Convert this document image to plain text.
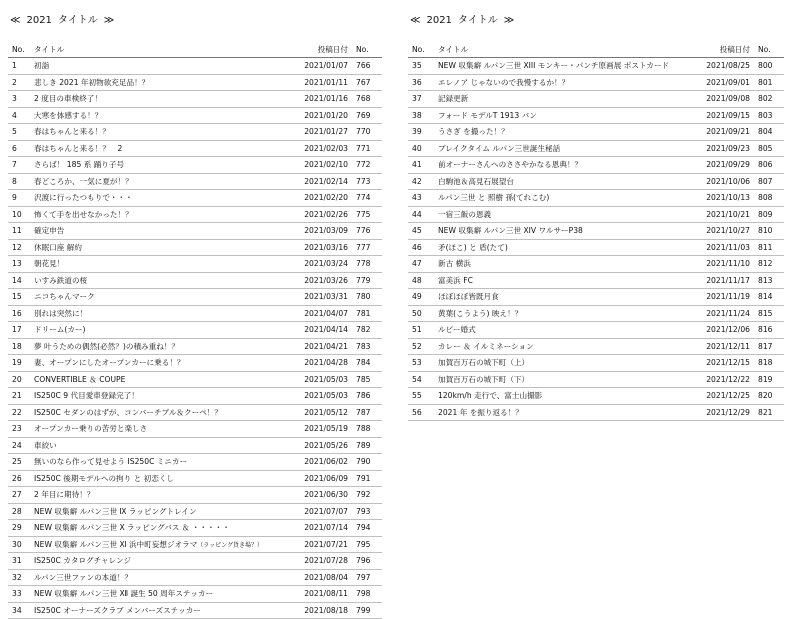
≪ 2021 タイトル ≫
No.	タイトル	投稿日付	No.
1	初詣	2021/01/07	766
2	悲しき 2021 年初物欲充足品！？	2021/01/11	767
3	2 度目の車検終了！	2021/01/16	768
4	大寒を体感する！？	2021/01/20	769
5	春はちゃんと来る！？	2021/01/27	770
6	春はちゃんと来る！？　2	2021/02/03	771
7	さらば！ 185 系 踊り子号	2021/02/10	772
8	春どころか、一気に夏が！？	2021/02/14	773
9	沢渡に行ったつもりで・・・	2021/02/20	774
10	怖くて手を出せなかった！？	2021/02/26	775
11	確定申告	2021/03/09	776
12	休眠口座 解約	2021/03/16	777
13	朝花見！	2021/03/24	778
14	いすみ鉄道の桜	2021/03/26	779
15	ニコちゃんマーク	2021/03/31	780
16	別れは突然に！	2021/04/07	781
17	ドリーム(カー)	2021/04/14	782
18	夢 叶うための偶然(必然？)の積み重ね！？	2021/04/21	783
19	妻、オープンにしたオープンカーに乗る！？	2021/04/28	784
20	CONVERTIBLE ＆ COUPE	2021/05/03	785
21	IS250C 9 代目愛車登録完了！	2021/05/03	786
22	IS250C セダンのはずが、コンバーチブル＆クーペ！？	2021/05/12	787
23	オープンカー乗りの苦労と楽しさ	2021/05/19	788
24	車絞い	2021/05/26	789
25	無いのなら作って見せよう IS250C ミニカー	2021/06/02	790
26	IS250C 後期モデルへの拘り と 初恋くし	2021/06/09	791
27	2 年目に期待！？	2021/06/30	792
28	NEW 収集癖 ルパン三世 Ⅸ ラッピングトレイン	2021/07/07	793
29	NEW 収集癖 ルパン三世 Ⅹ ラッピングバス ＆ ・・・・・	2021/07/14	794
30	NEW 収集癖 ルパン三世 Ⅺ 浜中町妄想ジオラマ（ラッピング貨き場？）	2021/07/21	795
31	IS250C カタログチャレンジ	2021/07/28	796
32	ルパン三世ファンの本道！？	2021/08/04	797
33	NEW 収集癖 ルパン三世 Ⅻ 誕生 50 周年ステッカー	2021/08/11	798
34	IS250C オーナーズクラブ メンバーズステッカー	2021/08/18	799
≪ 2021 タイトル ≫
No.	タイトル	投稿日付	No.
35	NEW 収集癖 ルパン三世 XIII モンキー・パンチ原画展 ポストカード	2021/08/25	800
36	エレノア じゃないので我慢するか！？	2021/09/01	801
37	記録更新	2021/09/08	802
38	フォード モデルT 1913 バン	2021/09/15	803
39	うさぎ を撮った！？	2021/09/21	804
40	ブレイクタイム ルパン三世誕生秘話	2021/09/23	805
41	前オーナーさんへのささやかなる恩典！？	2021/09/29	806
42	白駒池＆高見石展望台	2021/10/06	807
43	ルパン三世 と 照樹 孫(てれこむ)	2021/10/13	808
44	一宿三飯の恩義	2021/10/21	809
45	NEW 収集癖 ルパン三世 XIV ワルサーP38	2021/10/27	810
46	矛(ほこ) と 盾(たて)	2021/11/03	811
47	新古 横浜	2021/11/10	812
48	富美浜 FC	2021/11/17	813
49	ほぼほぼ皆既月食	2021/11/19	814
50	黄葉(こうよう) 映え！？	2021/11/24	815
51	ルビー婚式	2021/12/06	816
52	カレー ＆ イルミネーション	2021/12/11	817
53	加賀百万石の城下町（上）	2021/12/15	818
54	加賀百万石の城下町（下）	2021/12/22	819
55	120km/h 走行で、富士山撮影	2021/12/25	820
56	2021 年 を振り返る！？	2021/12/29	821
